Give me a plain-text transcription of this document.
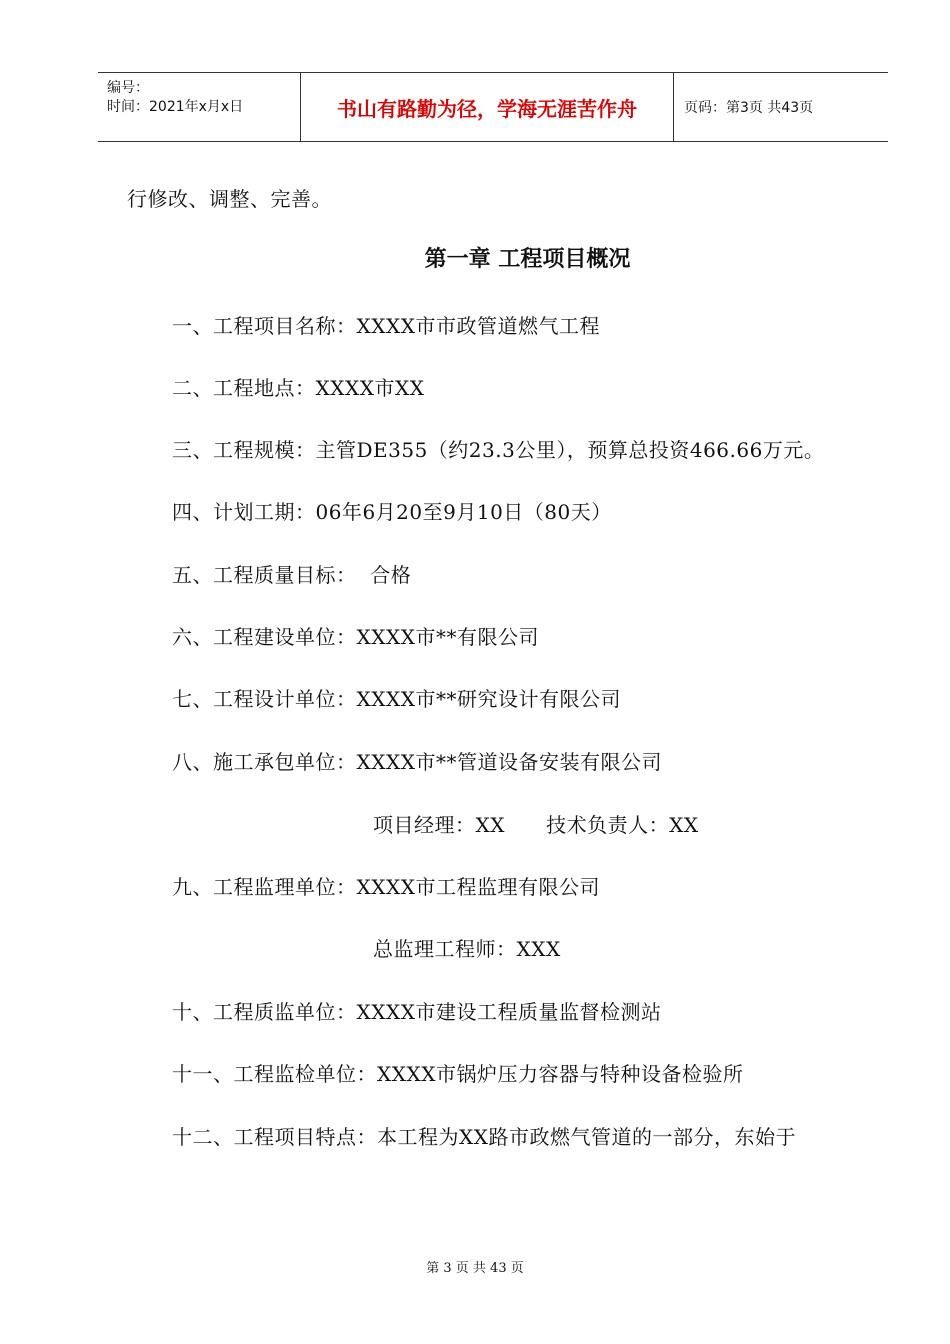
编号：
时间：2021年x月x日	书山有路勤为径，学海无涯苦作舟	页码：第3页 共43页
行修改、调整、完善。
第一章 工程项目概况
一、工程项目名称：XXXX市市政管道燃气工程
二、工程地点：XXXX市XX
三、工程规模：主管DE355（约23.3公里），预算总投资466.66万元。
四、计划工期：06年6月20至9月10日（80天）
五、工程质量目标：  合格
六、工程建设单位：XXXX市**有限公司
七、工程设计单位：XXXX市**研究设计有限公司
八、施工承包单位：XXXX市**管道设备安装有限公司
项目经理：XX      技术负责人：XX
九、工程监理单位：XXXX市工程监理有限公司
总监理工程师：XXX
十、工程质监单位：XXXX市建设工程质量监督检测站
十一、工程监检单位：XXXX市锅炉压力容器与特种设备检验所
十二、工程项目特点：本工程为XX路市政燃气管道的一部分，东始于
第 3 页 共 43 页
